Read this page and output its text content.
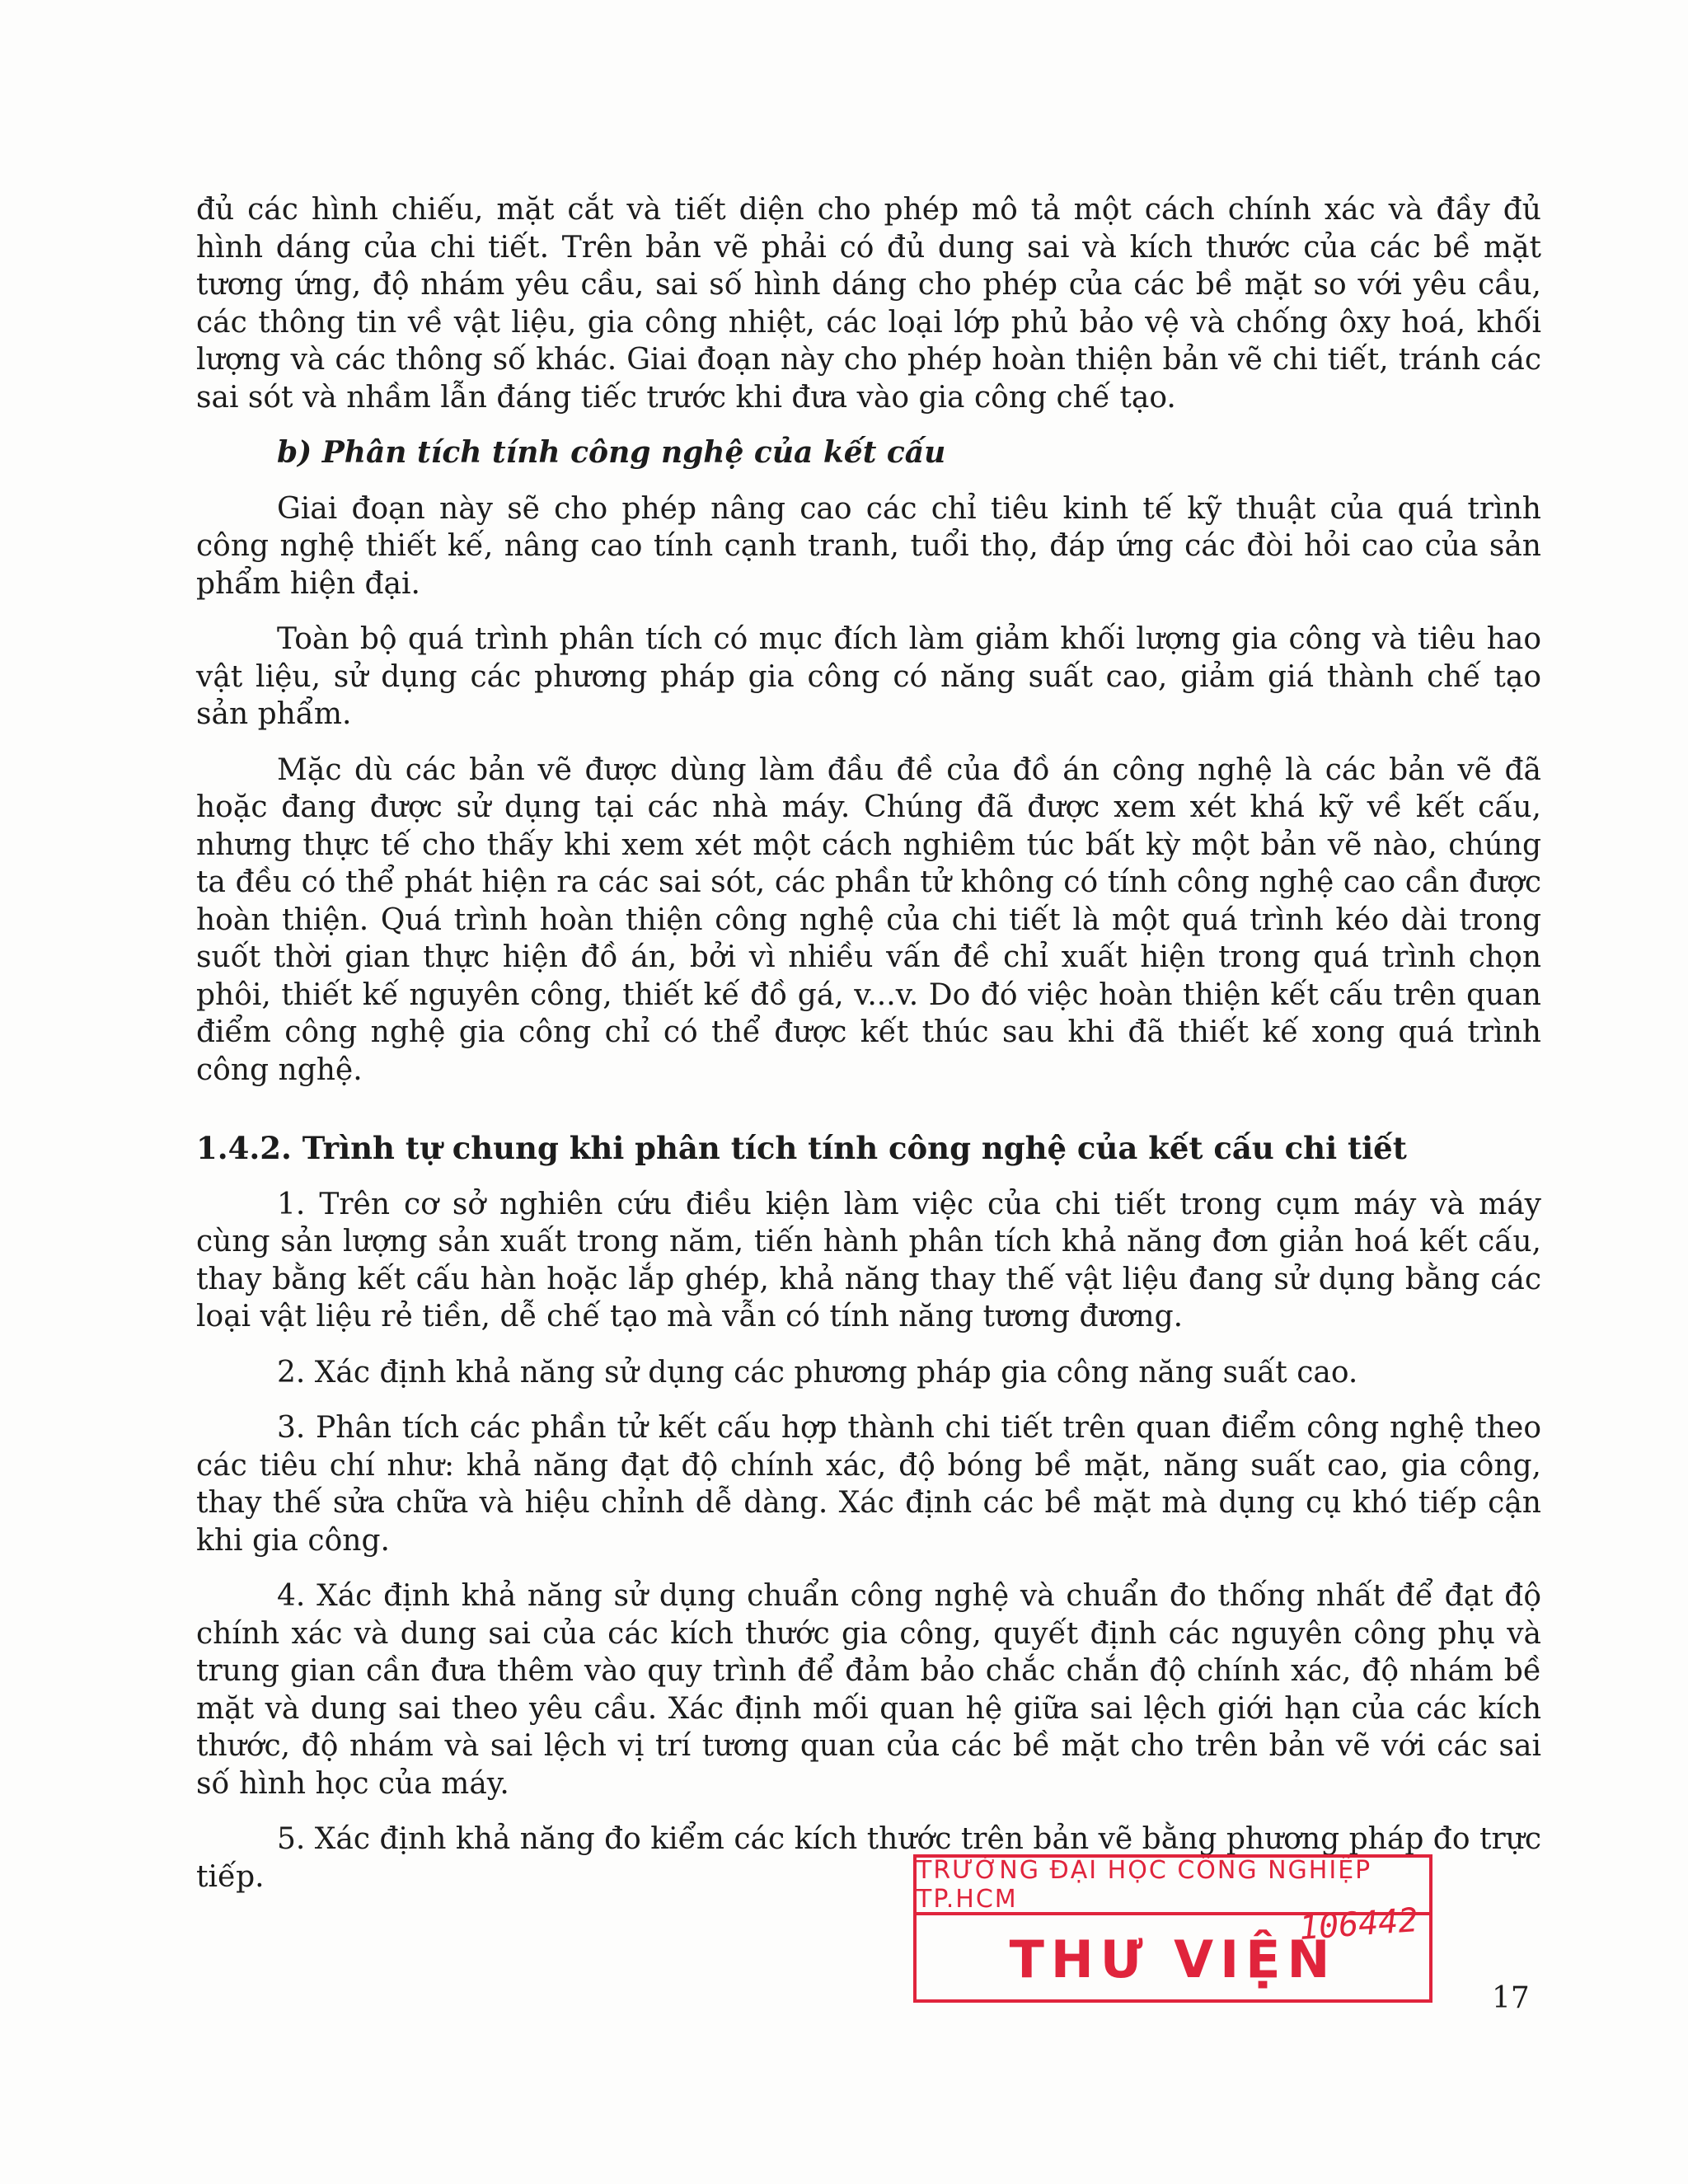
đủ các hình chiếu, mặt cắt và tiết diện cho phép mô tả một cách chính xác và đầy đủ hình dáng của chi tiết. Trên bản vẽ phải có đủ dung sai và kích thước của các bề mặt tương ứng, độ nhám yêu cầu, sai số hình dáng cho phép của các bề mặt so với yêu cầu, các thông tin về vật liệu, gia công nhiệt, các loại lớp phủ bảo vệ và chống ôxy hoá, khối lượng và các thông số khác. Giai đoạn này cho phép hoàn thiện bản vẽ chi tiết, tránh các sai sót và nhầm lẫn đáng tiếc trước khi đưa vào gia công chế tạo.

b) Phân tích tính công nghệ của kết cấu

Giai đoạn này sẽ cho phép nâng cao các chỉ tiêu kinh tế kỹ thuật của quá trình công nghệ thiết kế, nâng cao tính cạnh tranh, tuổi thọ, đáp ứng các đòi hỏi cao của sản phẩm hiện đại.

Toàn bộ quá trình phân tích có mục đích làm giảm khối lượng gia công và tiêu hao vật liệu, sử dụng các phương pháp gia công có năng suất cao, giảm giá thành chế tạo sản phẩm.

Mặc dù các bản vẽ được dùng làm đầu đề của đồ án công nghệ là các bản vẽ đã hoặc đang được sử dụng tại các nhà máy. Chúng đã được xem xét khá kỹ về kết cấu, nhưng thực tế cho thấy khi xem xét một cách nghiêm túc bất kỳ một bản vẽ nào, chúng ta đều có thể phát hiện ra các sai sót, các phần tử không có tính công nghệ cao cần được hoàn thiện. Quá trình hoàn thiện công nghệ của chi tiết là một quá trình kéo dài trong suốt thời gian thực hiện đồ án, bởi vì nhiều vấn đề chỉ xuất hiện trong quá trình chọn phôi, thiết kế nguyên công, thiết kế đồ gá, v...v. Do đó việc hoàn thiện kết cấu trên quan điểm công nghệ gia công chỉ có thể được kết thúc sau khi đã thiết kế xong quá trình công nghệ.

1.4.2. Trình tự chung khi phân tích tính công nghệ của kết cấu chi tiết

1. Trên cơ sở nghiên cứu điều kiện làm việc của chi tiết trong cụm máy và máy cùng sản lượng sản xuất trong năm, tiến hành phân tích khả năng đơn giản hoá kết cấu, thay bằng kết cấu hàn hoặc lắp ghép, khả năng thay thế vật liệu đang sử dụng bằng các loại vật liệu rẻ tiền, dễ chế tạo mà vẫn có tính năng tương đương.

2. Xác định khả năng sử dụng các phương pháp gia công năng suất cao.

3. Phân tích các phần tử kết cấu hợp thành chi tiết trên quan điểm công nghệ theo các tiêu chí như: khả năng đạt độ chính xác, độ bóng bề mặt, năng suất cao, gia công, thay thế sửa chữa và hiệu chỉnh dễ dàng. Xác định các bề mặt mà dụng cụ khó tiếp cận khi gia công.

4. Xác định khả năng sử dụng chuẩn công nghệ và chuẩn đo thống nhất để đạt độ chính xác và dung sai của các kích thước gia công, quyết định các nguyên công phụ và trung gian cần đưa thêm vào quy trình để đảm bảo chắc chắn độ chính xác, độ nhám bề mặt và dung sai theo yêu cầu. Xác định mối quan hệ giữa sai lệch giới hạn của các kích thước, độ nhám và sai lệch vị trí tương quan của các bề mặt cho trên bản vẽ với các sai số hình học của máy.

5. Xác định khả năng đo kiểm các kích thước trên bản vẽ bằng phương pháp đo trực tiếp.	TRƯỜNG ĐẠI HỌC CÔNG NGHIỆP TP.HCM
THƯ VIỆN
106442
17
